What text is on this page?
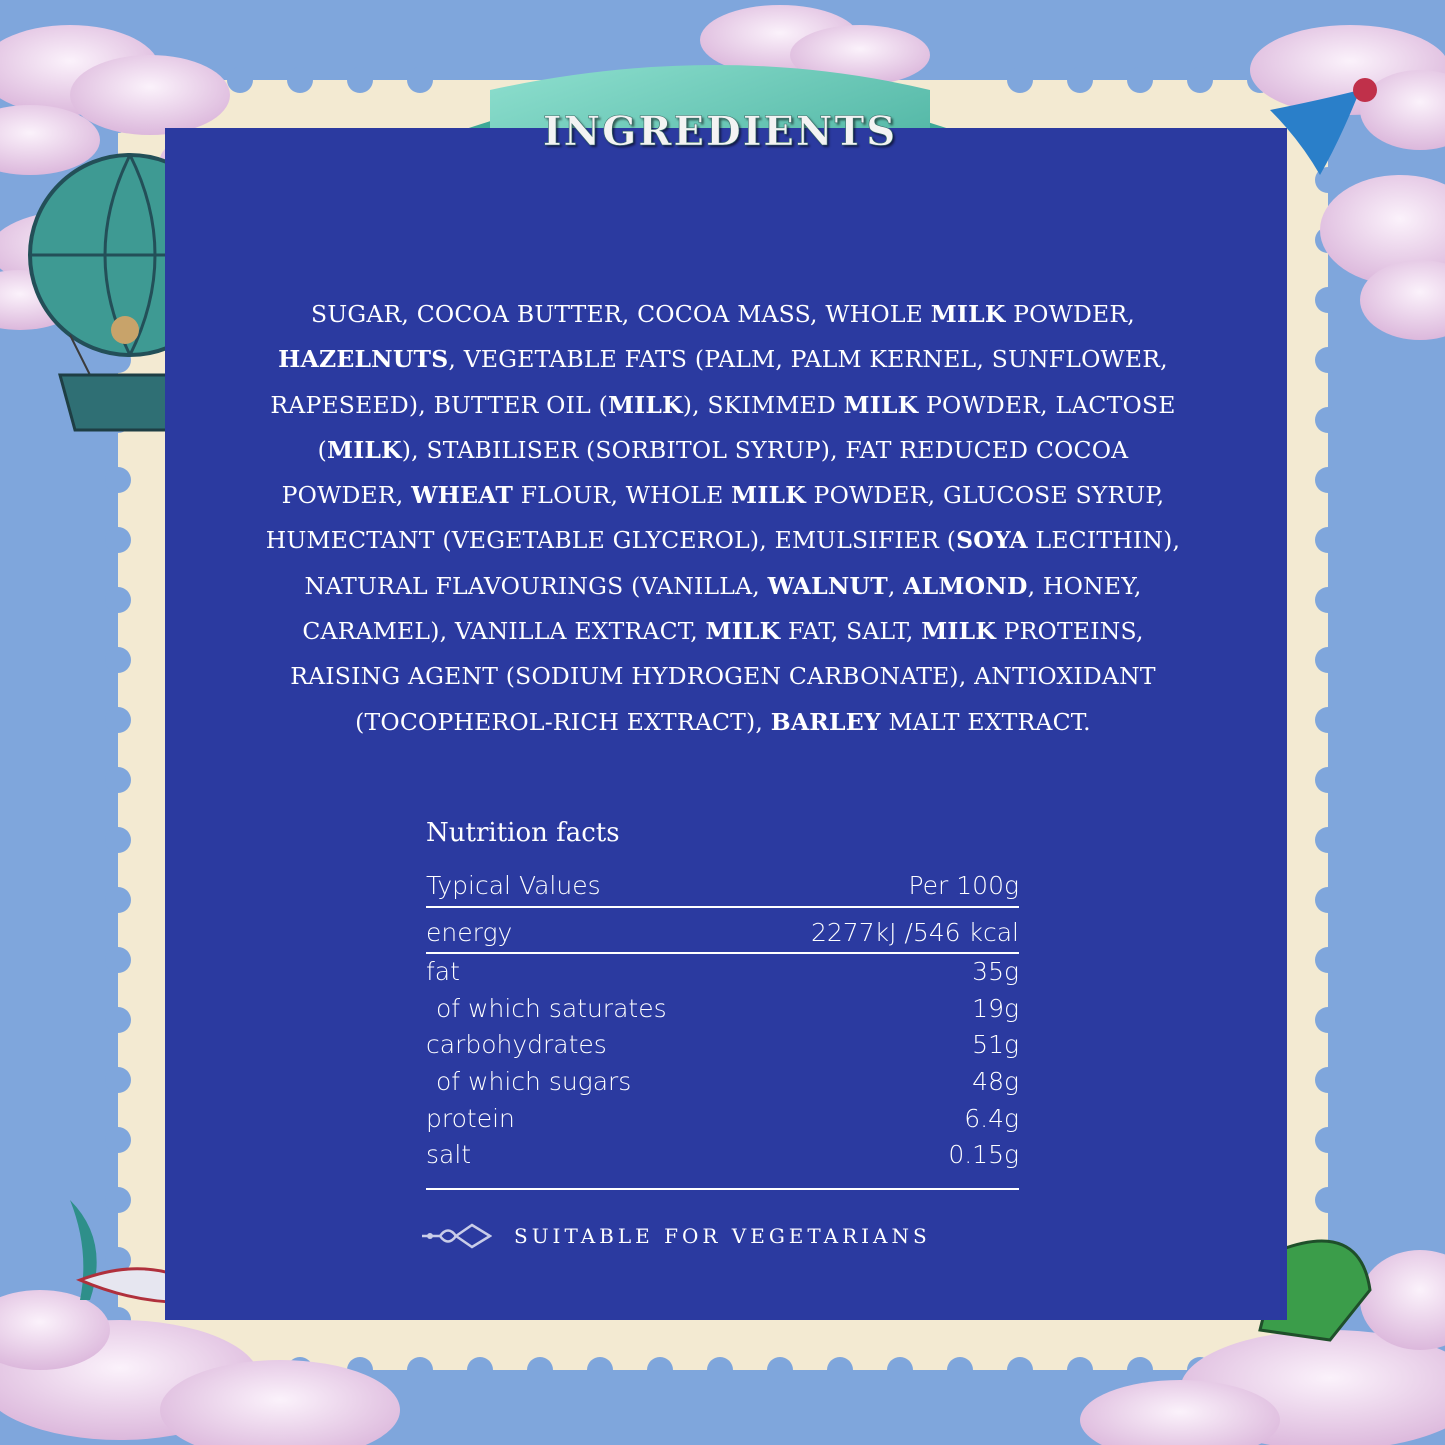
INGREDIENTS
SUGAR, COCOA BUTTER, COCOA MASS, WHOLE MILK POWDER,
HAZELNUTS, VEGETABLE FATS (PALM, PALM KERNEL, SUNFLOWER,
RAPESEED), BUTTER OIL (MILK), SKIMMED MILK POWDER, LACTOSE
(MILK), STABILISER (SORBITOL SYRUP), FAT REDUCED COCOA
POWDER, WHEAT FLOUR, WHOLE MILK POWDER, GLUCOSE SYRUP,
HUMECTANT (VEGETABLE GLYCEROL), EMULSIFIER (SOYA LECITHIN),
NATURAL FLAVOURINGS (VANILLA, WALNUT, ALMOND, HONEY,
CARAMEL), VANILLA EXTRACT, MILK FAT, SALT, MILK PROTEINS,
RAISING AGENT (SODIUM HYDROGEN CARBONATE), ANTIOXIDANT
(TOCOPHEROL-RICH EXTRACT), BARLEY MALT EXTRACT.
Nutrition facts
Typical Values	Per 100g
energy	2277kJ /546 kcal
fat	35g
of which saturates	19g
carbohydrates	51g
of which sugars	48g
protein	6.4g
salt	0.15g
SUITABLE FOR VEGETARIANS
